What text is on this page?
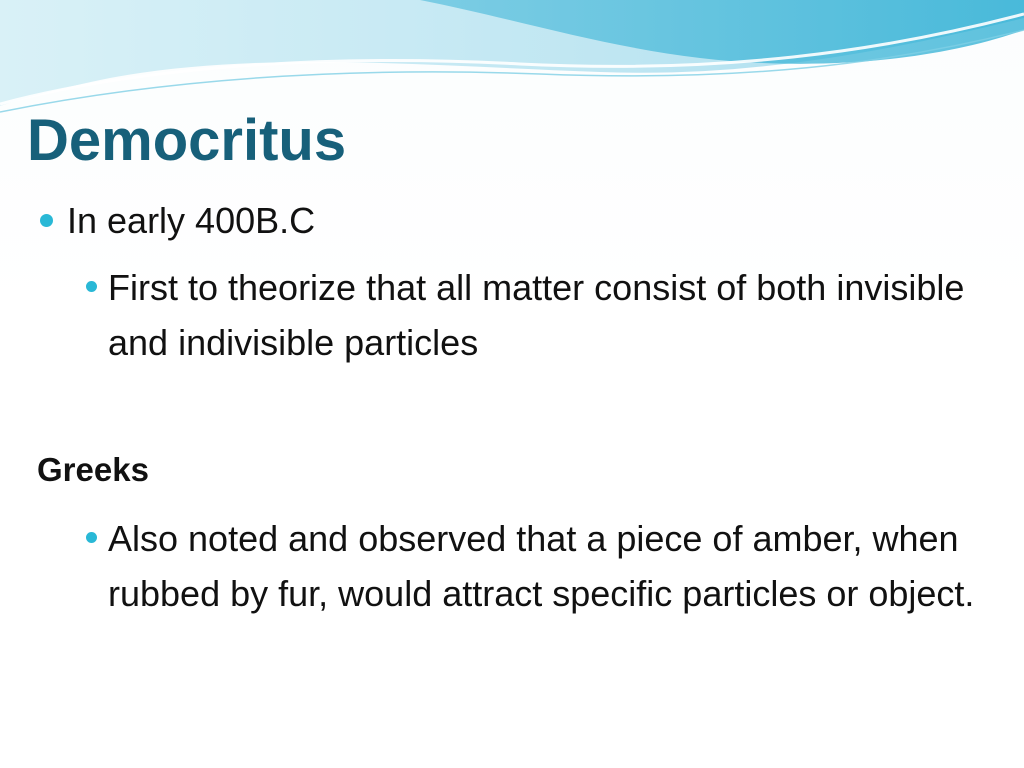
Democritus
In early 400B.C
First to theorize that all matter consist of both invisible and indivisible particles
Greeks
Also noted and observed that a piece of amber, when rubbed by fur, would attract specific particles or object.
